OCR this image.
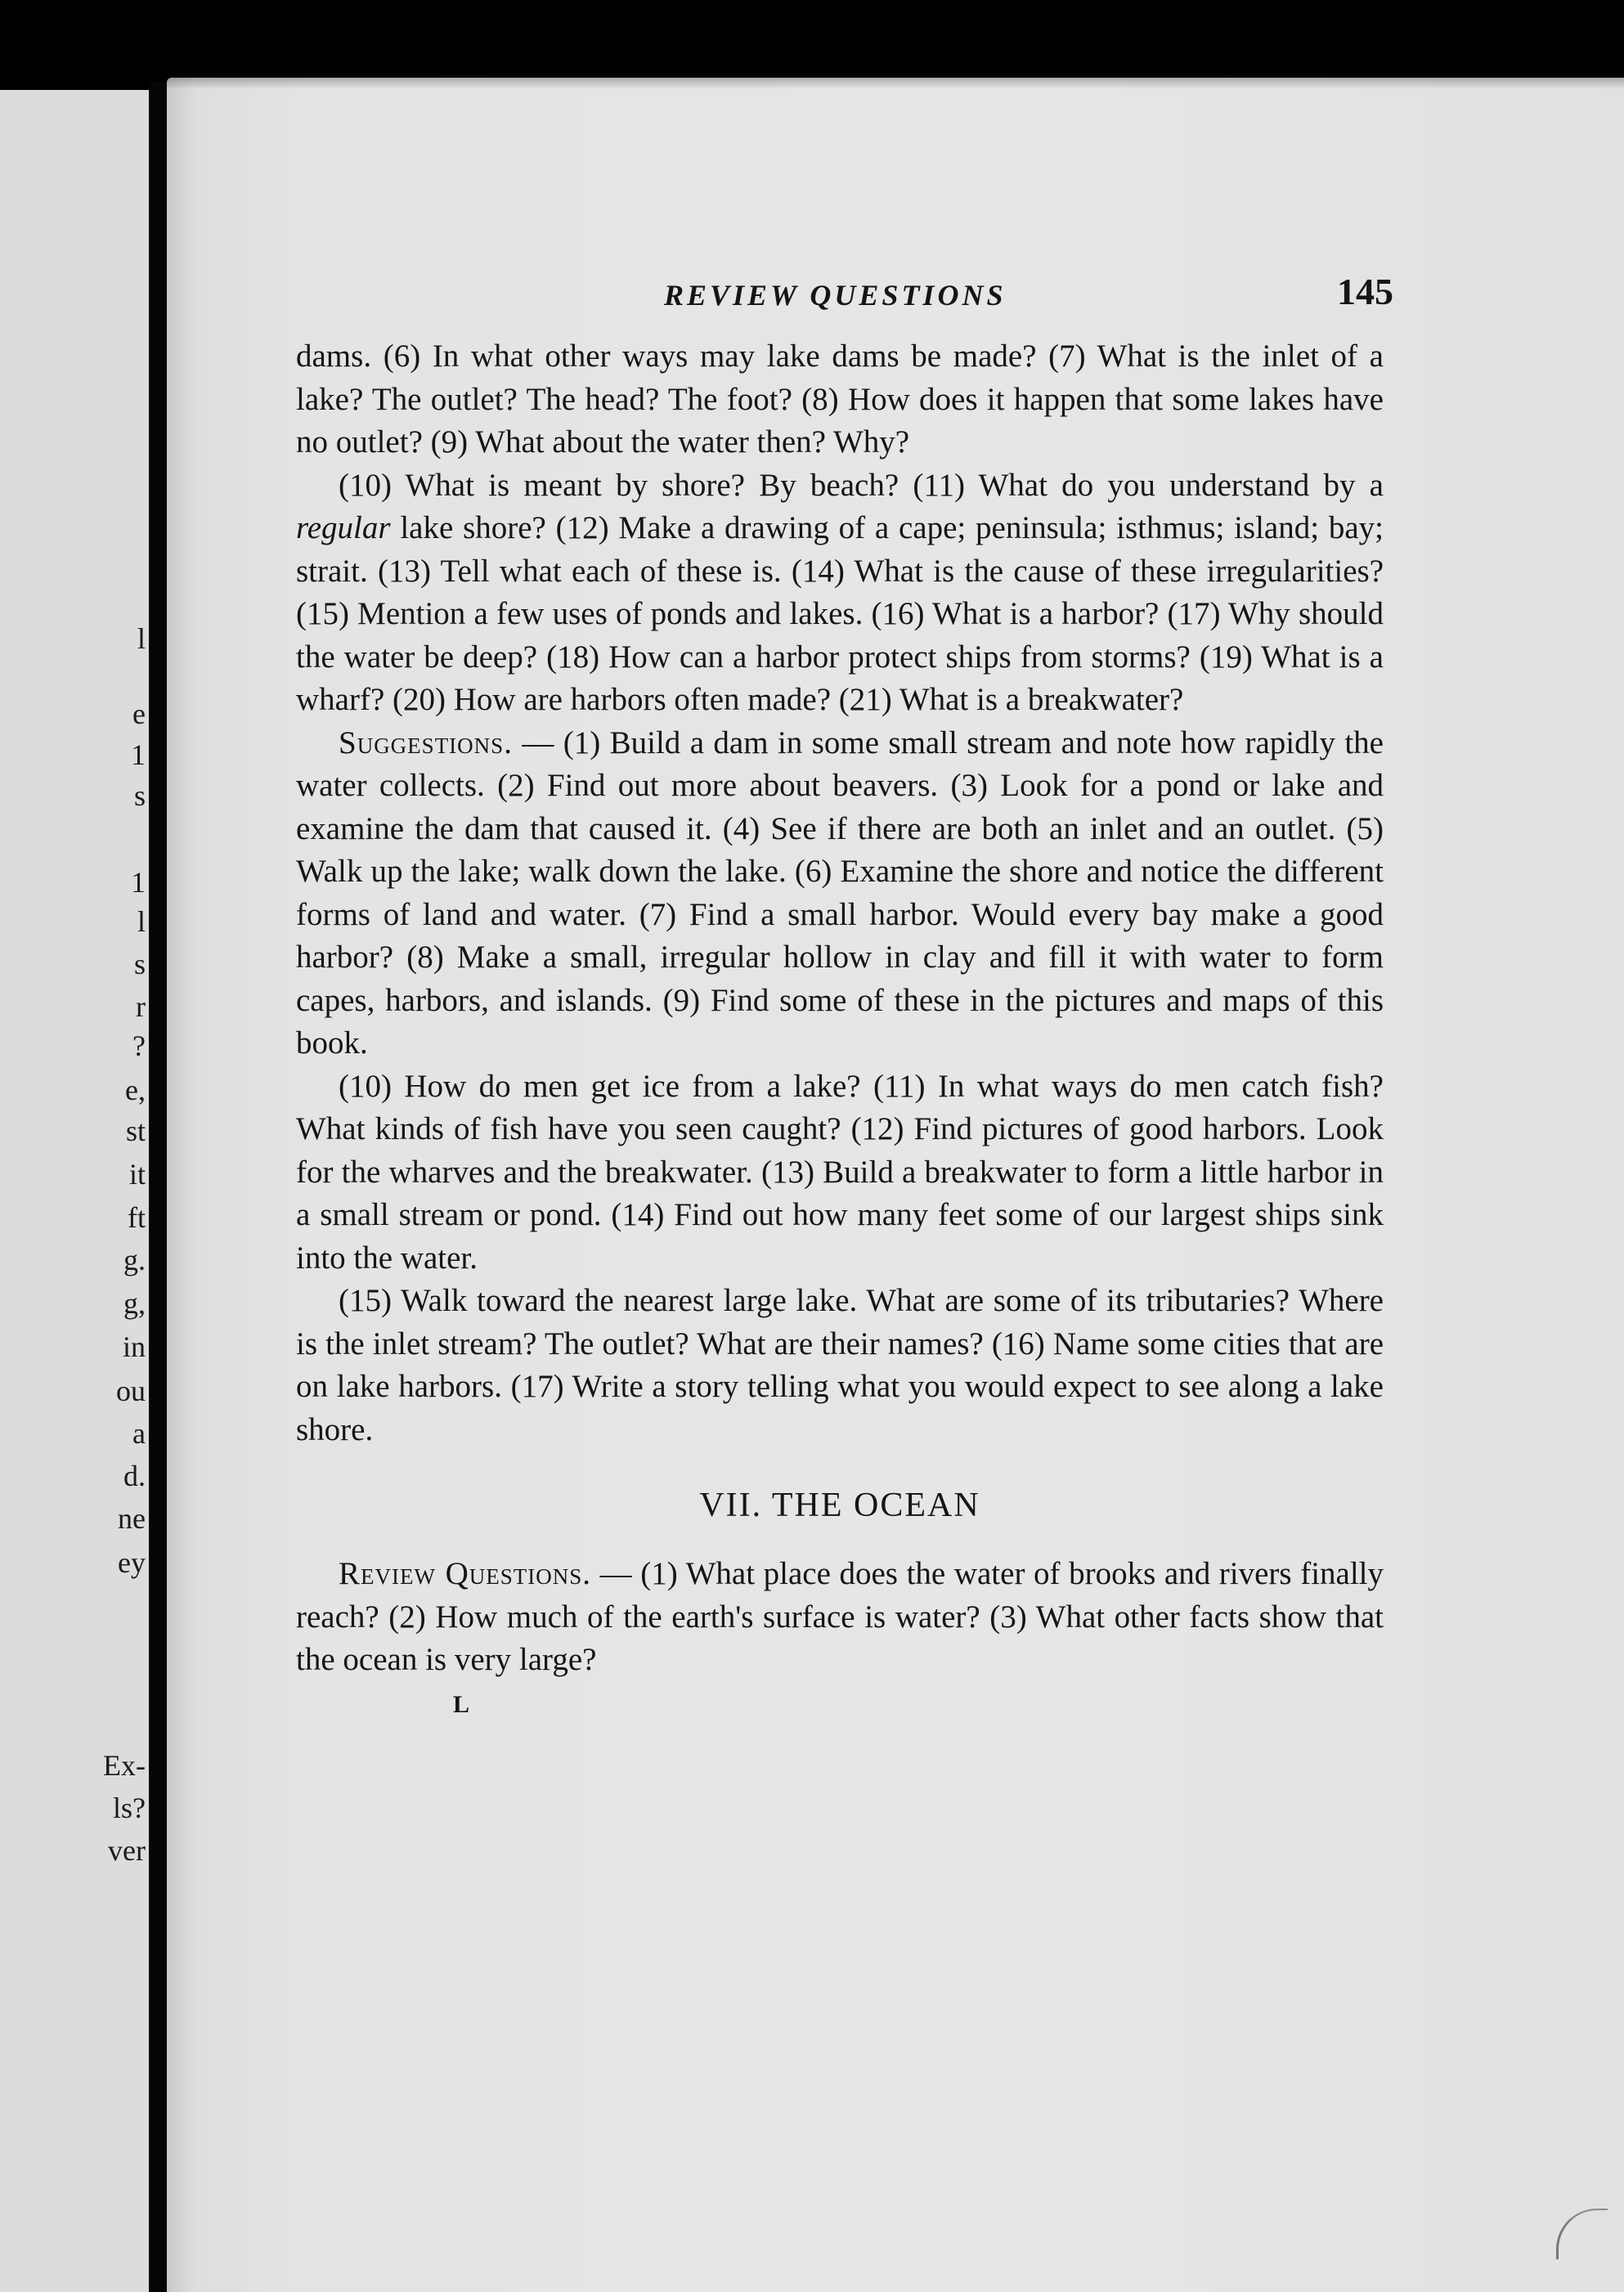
l
e
1
s
1
l
s
r
?
e,
st
it
ft
g.
g,
in
ou
a
d.
ne
ey
Ex-
ls?
ver
REVIEW QUESTIONS	145

dams. (6) In what other ways may lake dams be made? (7) What is the inlet of a lake? The outlet? The head? The foot? (8) How does it happen that some lakes have no outlet? (9) What about the water then? Why?

(10) What is meant by shore? By beach? (11) What do you understand by a regular lake shore? (12) Make a drawing of a cape; peninsula; isthmus; island; bay; strait. (13) Tell what each of these is. (14) What is the cause of these irregularities? (15) Mention a few uses of ponds and lakes. (16) What is a harbor? (17) Why should the water be deep? (18) How can a harbor protect ships from storms? (19) What is a wharf? (20) How are harbors often made? (21) What is a breakwater?

Suggestions. — (1) Build a dam in some small stream and note how rapidly the water collects. (2) Find out more about beavers. (3) Look for a pond or lake and examine the dam that caused it. (4) See if there are both an inlet and an outlet. (5) Walk up the lake; walk down the lake. (6) Examine the shore and notice the different forms of land and water. (7) Find a small harbor. Would every bay make a good harbor? (8) Make a small, irregular hollow in clay and fill it with water to form capes, harbors, and islands. (9) Find some of these in the pictures and maps of this book.

(10) How do men get ice from a lake? (11) In what ways do men catch fish? What kinds of fish have you seen caught? (12) Find pictures of good harbors. Look for the wharves and the breakwater. (13) Build a breakwater to form a little harbor in a small stream or pond. (14) Find out how many feet some of our largest ships sink into the water.

(15) Walk toward the nearest large lake. What are some of its tributaries? Where is the inlet stream? The outlet? What are their names? (16) Name some cities that are on lake harbors. (17) Write a story telling what you would expect to see along a lake shore.

VII. THE OCEAN

Review Questions. — (1) What place does the water of brooks and rivers finally reach? (2) How much of the earth's surface is water? (3) What other facts show that the ocean is very large?

L
